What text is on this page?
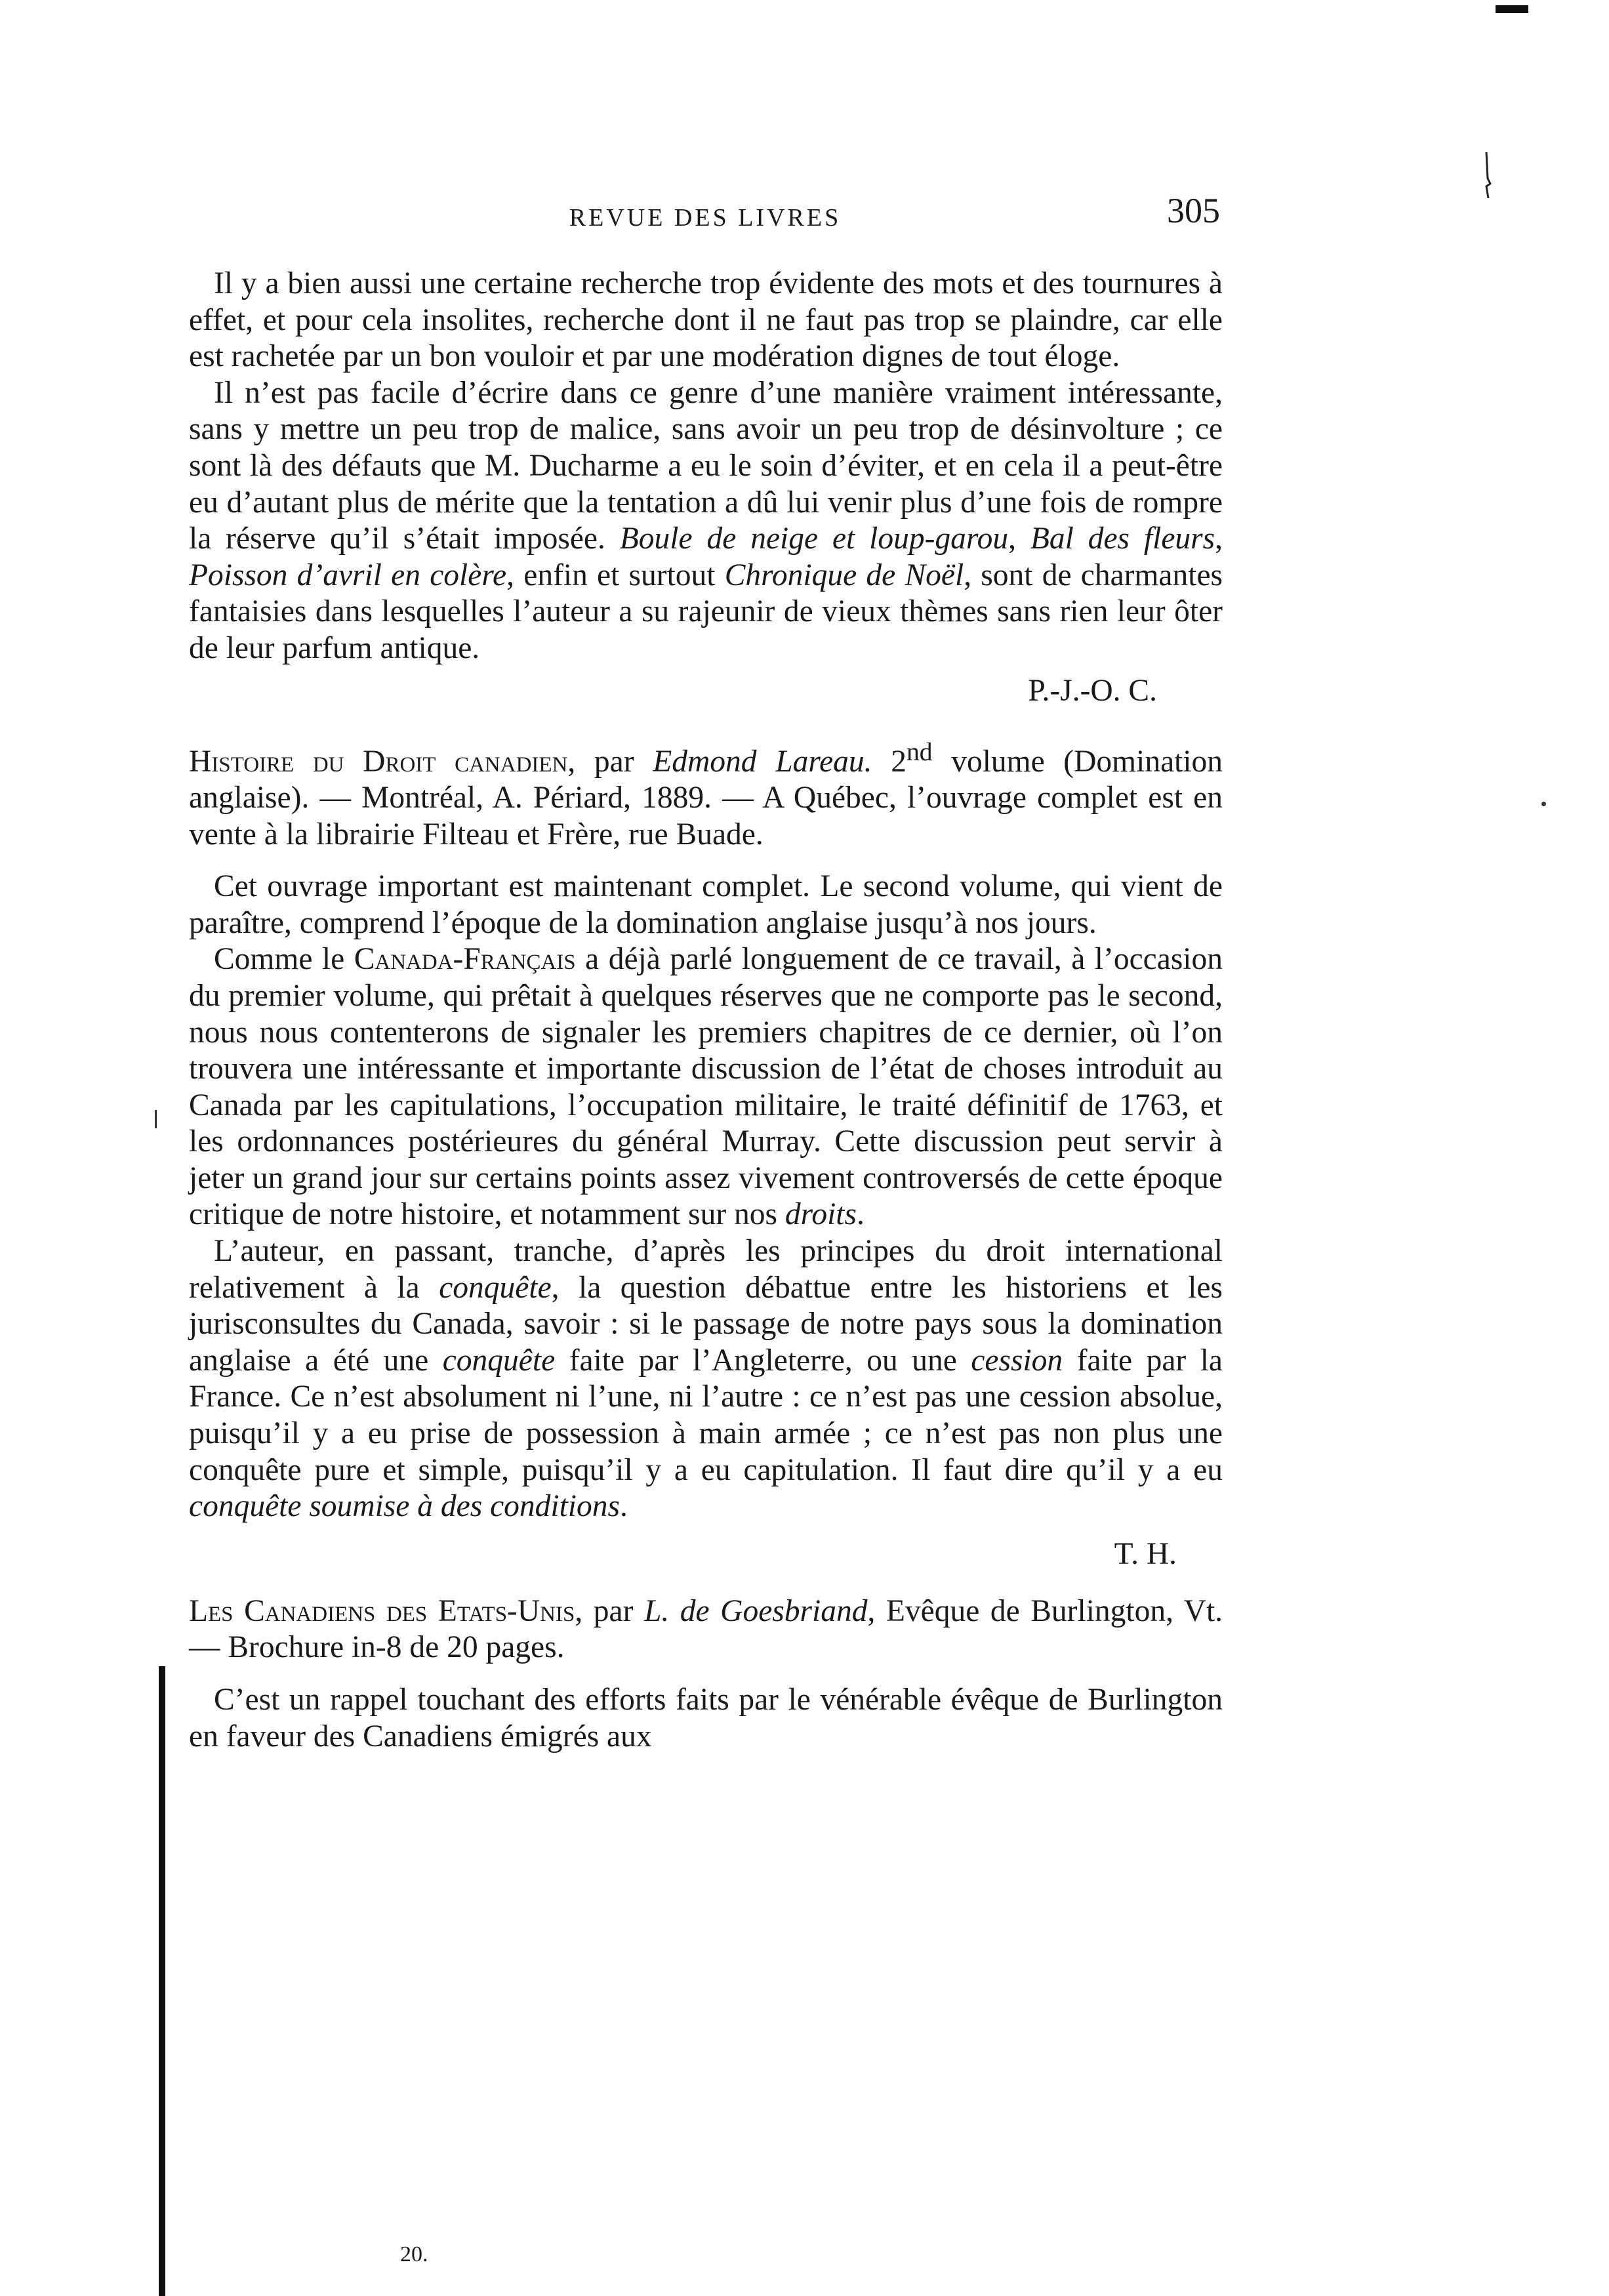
REVUE DES LIVRES	305

Il y a bien aussi une certaine recherche trop évidente des mots et des tournures à effet, et pour cela insolites, recherche dont il ne faut pas trop se plaindre, car elle est rachetée par un bon vouloir et par une modération dignes de tout éloge.

Il n’est pas facile d’écrire dans ce genre d’une manière vraiment intéressante, sans y mettre un peu trop de malice, sans avoir un peu trop de désinvolture ; ce sont là des défauts que M. Ducharme a eu le soin d’éviter, et en cela il a peut-être eu d’autant plus de mérite que la tentation a dû lui venir plus d’une fois de rompre la réserve qu’il s’était imposée. Boule de neige et loup-garou, Bal des fleurs, Poisson d’avril en colère, enfin et surtout Chronique de Noël, sont de charmantes fantaisies dans lesquelles l’auteur a su rajeunir de vieux thèmes sans rien leur ôter de leur parfum antique.

P.-J.-O. C.

Histoire du Droit canadien, par Edmond Lareau. 2nd volume (Domination anglaise). — Montréal, A. Périard, 1889. — A Québec, l’ouvrage complet est en vente à la librairie Filteau et Frère, rue Buade.

Cet ouvrage important est maintenant complet. Le second volume, qui vient de paraître, comprend l’époque de la domination anglaise jusqu’à nos jours.

Comme le Canada-Français a déjà parlé longuement de ce travail, à l’occasion du premier volume, qui prêtait à quelques réserves que ne comporte pas le second, nous nous contenterons de signaler les premiers chapitres de ce dernier, où l’on trouvera une intéressante et importante discussion de l’état de choses introduit au Canada par les capitulations, l’occupation militaire, le traité définitif de 1763, et les ordonnances postérieures du général Murray. Cette discussion peut servir à jeter un grand jour sur certains points assez vivement controversés de cette époque critique de notre histoire, et notamment sur nos droits.

L’auteur, en passant, tranche, d’après les principes du droit international relativement à la conquête, la question débattue entre les historiens et les jurisconsultes du Canada, savoir : si le passage de notre pays sous la domination anglaise a été une conquête faite par l’Angleterre, ou une cession faite par la France. Ce n’est absolument ni l’une, ni l’autre : ce n’est pas une cession absolue, puisqu’il y a eu prise de possession à main armée ; ce n’est pas non plus une conquête pure et simple, puisqu’il y a eu capitulation. Il faut dire qu’il y a eu conquête soumise à des conditions.

T. H.

Les Canadiens des Etats-Unis, par L. de Goesbriand, Evêque de Burlington, Vt. — Brochure in-8 de 20 pages.

C’est un rappel touchant des efforts faits par le vénérable évêque de Burlington en faveur des Canadiens émigrés aux

20.
